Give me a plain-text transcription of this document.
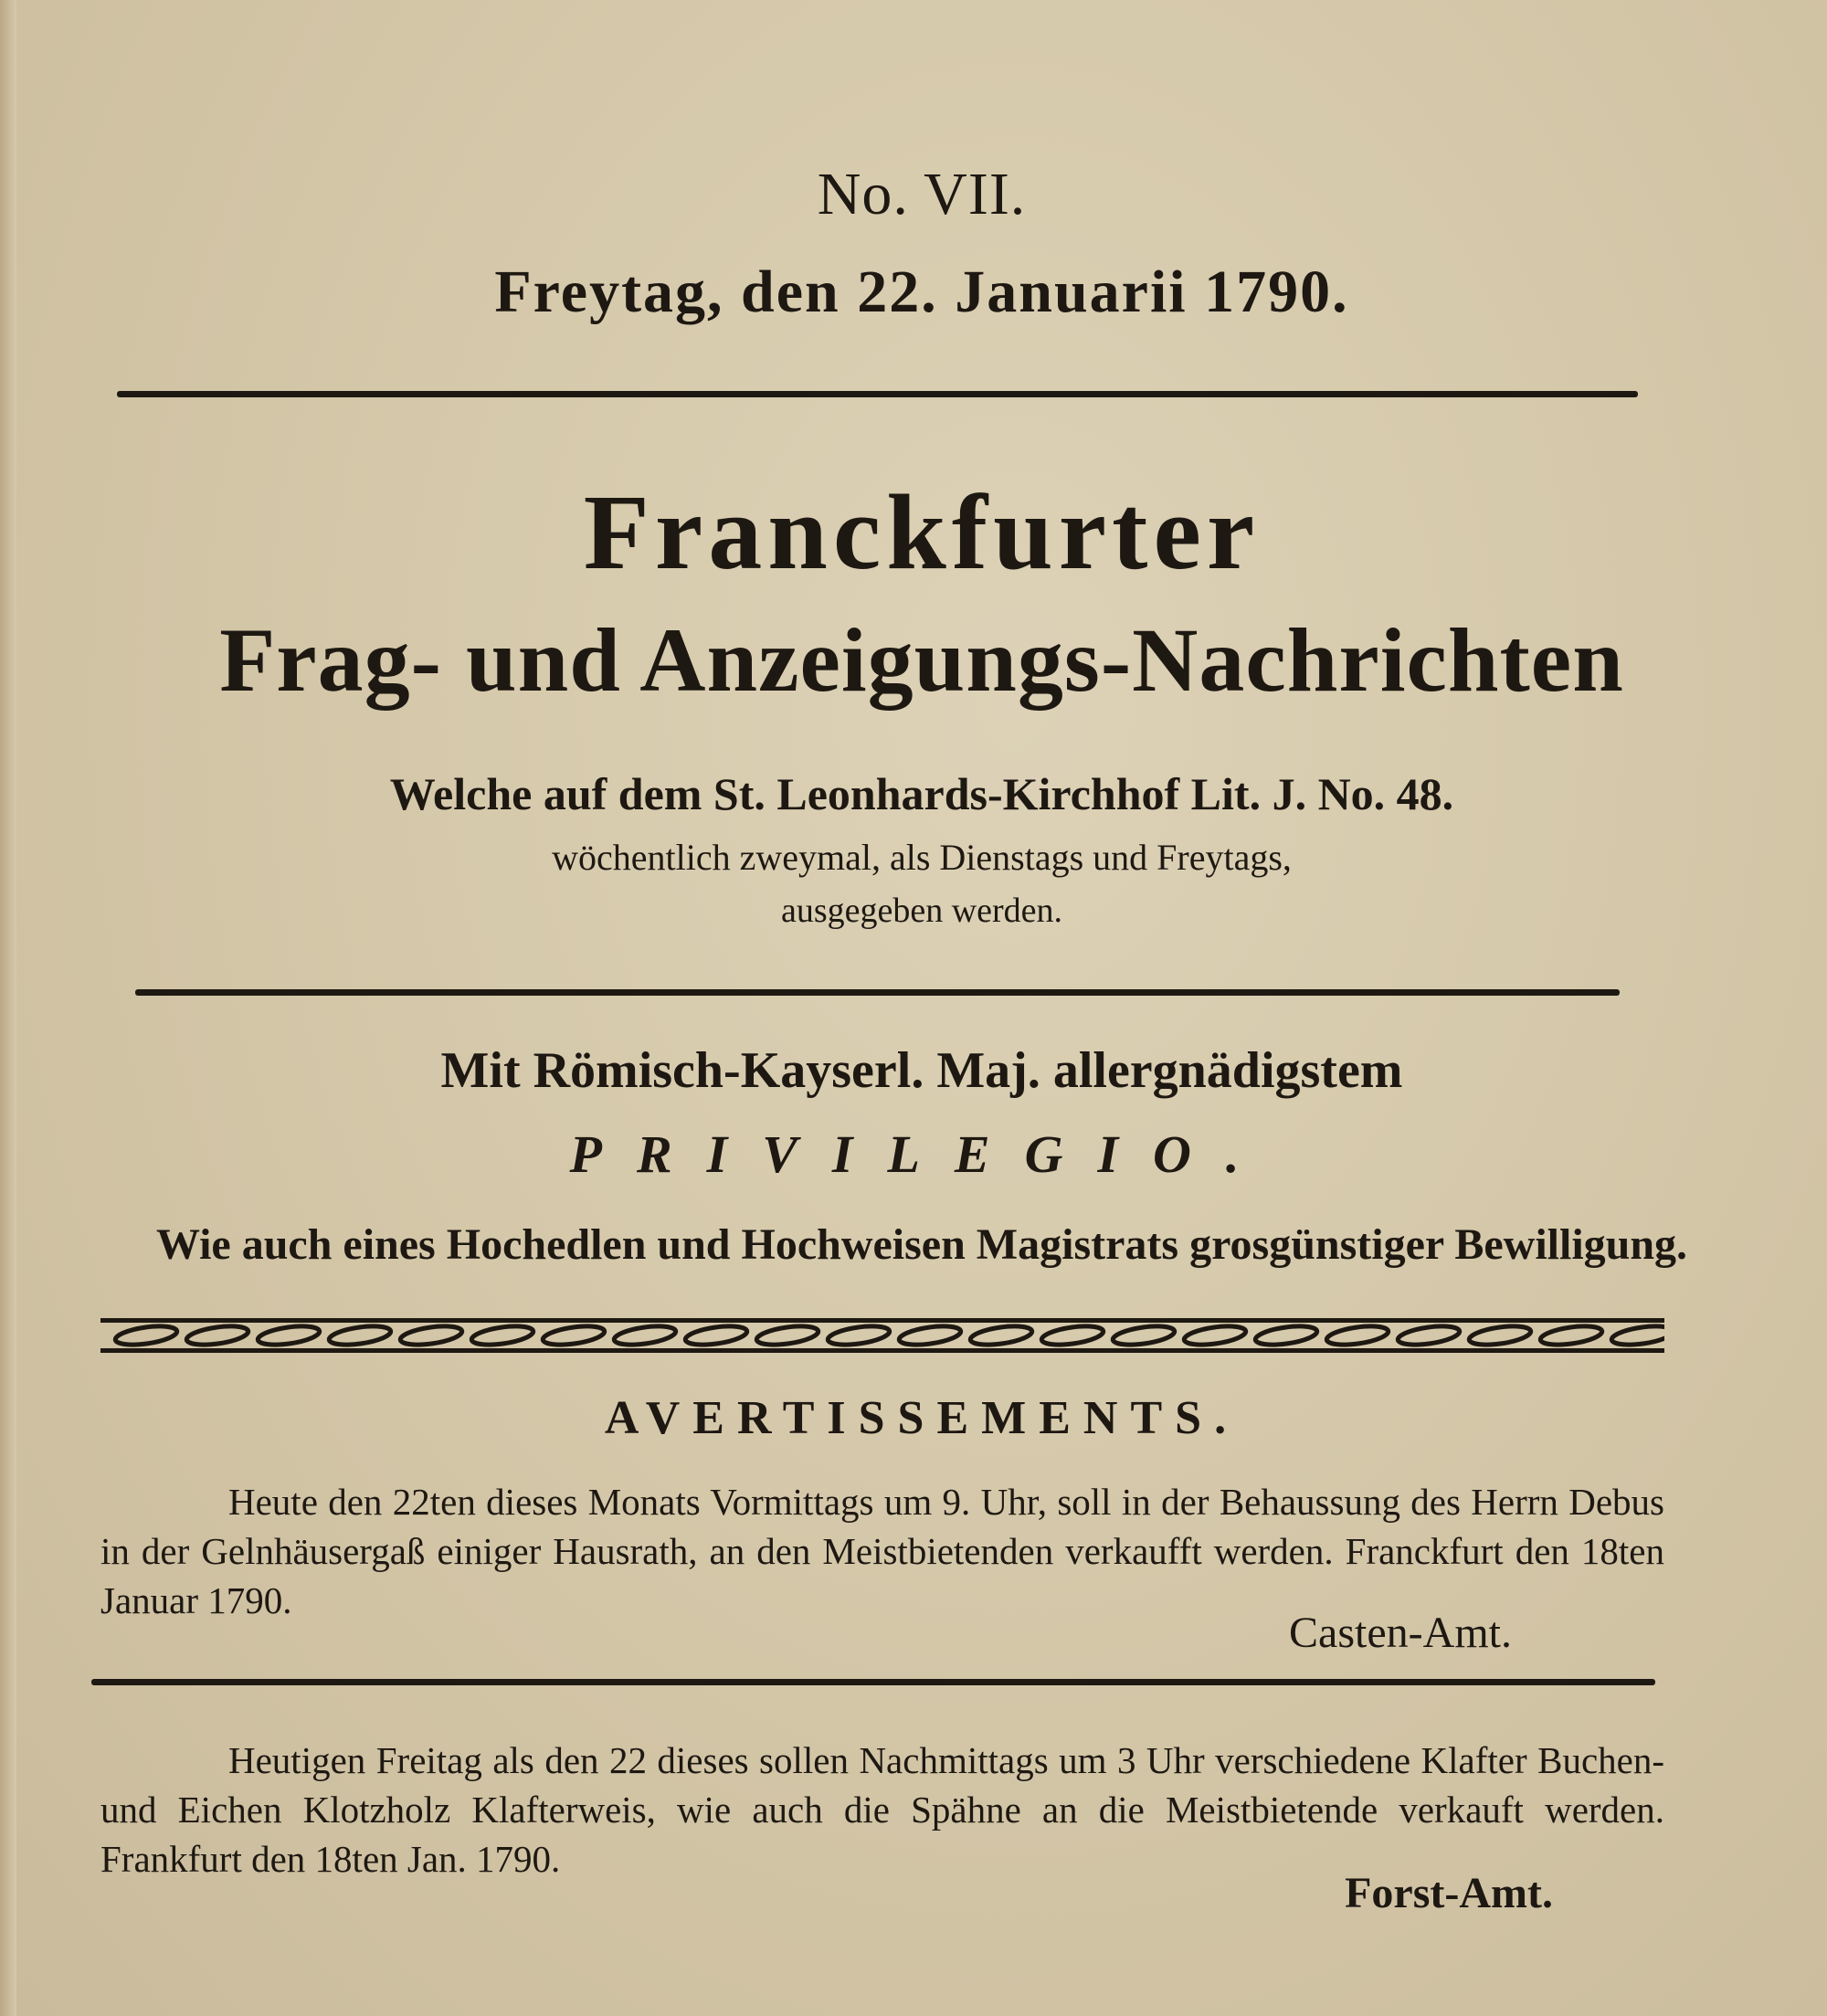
No. VII.
Freytag, den 22. Januarii 1790.
Franckfurter
Frag- und Anzeigungs-Nachrichten
Welche auf dem St. Leonhards-Kirchhof Lit. J. No. 48.
wöchentlich zweymal, als Dienstags und Freytags,
ausgegeben werden.
Mit Römisch-Kayserl. Maj. allergnädigstem
PRIVILEGIO.
Wie auch eines Hochedlen und Hochweisen Magistrats grosgünstiger Bewilligung.
AVERTISSEMENTS.
Heute den 22ten dieses Monats Vormittags um 9. Uhr, soll in der Behaussung des Herrn Debus in der Gelnhäusergaß einiger Hausrath, an den Meistbietenden verkaufft werden. Franckfurt den 18ten Januar 1790.
Casten-Amt.
Heutigen Freitag als den 22 dieses sollen Nachmittags um 3 Uhr verschiedene Klafter Buchen- und Eichen Klotzholz Klafterweis, wie auch die Spähne an die Meistbietende verkauft werden. Frankfurt den 18ten Jan. 1790.
Forst-Amt.
